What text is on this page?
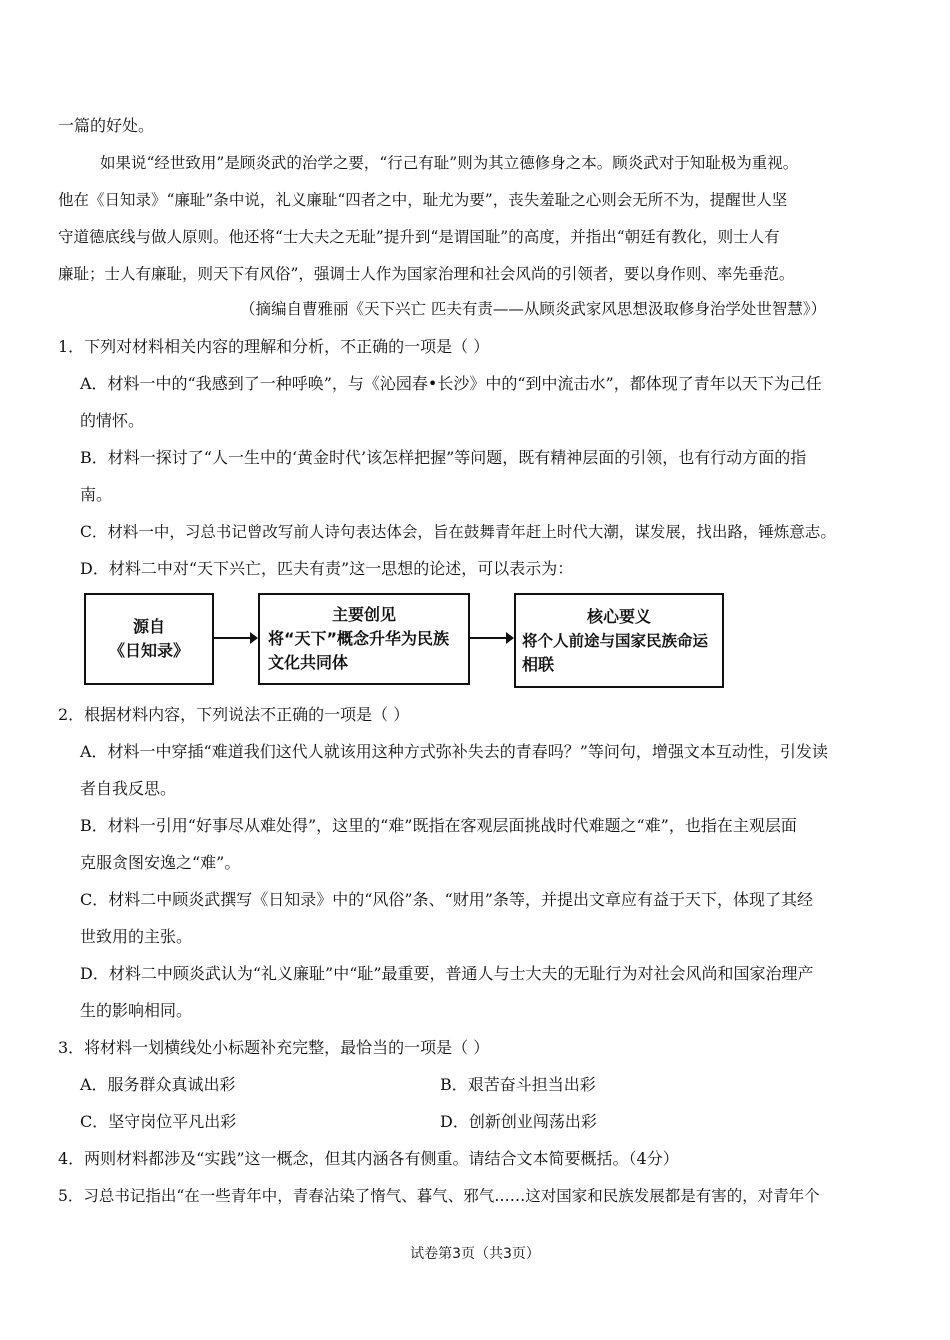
一篇的好处。
如果说“经世致用”是顾炎武的治学之要，“行己有耻”则为其立德修身之本。顾炎武对于知耻极为重视。
他在《日知录》“廉耻”条中说，礼义廉耻“四者之中，耻尤为要”，丧失羞耻之心则会无所不为，提醒世人坚
守道德底线与做人原则。他还将“士大夫之无耻”提升到“是谓国耻”的高度，并指出“朝廷有教化，则士人有
廉耻；士人有廉耻，则天下有风俗”，强调士人作为国家治理和社会风尚的引领者，要以身作则、率先垂范。
（摘编自曹雅丽《天下兴亡 匹夫有责——从顾炎武家风思想汲取修身治学处世智慧》）
1．下列对材料相关内容的理解和分析，不正确的一项是（ ）
A．材料一中的“我感到了一种呼唤”，与《沁园春•长沙》中的“到中流击水”，都体现了青年以天下为己任
的情怀。
B．材料一探讨了“人一生中的‘黄金时代’该怎样把握”等问题，既有精神层面的引领，也有行动方面的指
南。
C．材料一中，习总书记曾改写前人诗句表达体会，旨在鼓舞青年赶上时代大潮，谋发展，找出路，锤炼意志。
D．材料二中对“天下兴亡，匹夫有责”这一思想的论述，可以表示为：
源自
《日知录》
主要创见
将“天下”概念升华为民族
文化共同体
核心要义
将个人前途与国家民族命运
相联
2．根据材料内容，下列说法不正确的一项是（ ）
A．材料一中穿插“难道我们这代人就该用这种方式弥补失去的青春吗？”等问句，增强文本互动性，引发读
者自我反思。
B．材料一引用“好事尽从难处得”，这里的“难”既指在客观层面挑战时代难题之“难”，也指在主观层面
克服贪图安逸之“难”。
C．材料二中顾炎武撰写《日知录》中的“风俗”条、“财用”条等，并提出文章应有益于天下，体现了其经
世致用的主张。
D．材料二中顾炎武认为“礼义廉耻”中“耻”最重要，普通人与士大夫的无耻行为对社会风尚和国家治理产
生的影响相同。
3．将材料一划横线处小标题补充完整，最恰当的一项是（ ）
A．服务群众真诚出彩	B．艰苦奋斗担当出彩
C．坚守岗位平凡出彩	D．创新创业闯荡出彩
4．两则材料都涉及“实践”这一概念，但其内涵各有侧重。请结合文本简要概括。（4分）
5．习总书记指出“在一些青年中，青春沾染了惰气、暮气、邪气……这对国家和民族发展都是有害的，对青年个
试卷第3页（共3页）
